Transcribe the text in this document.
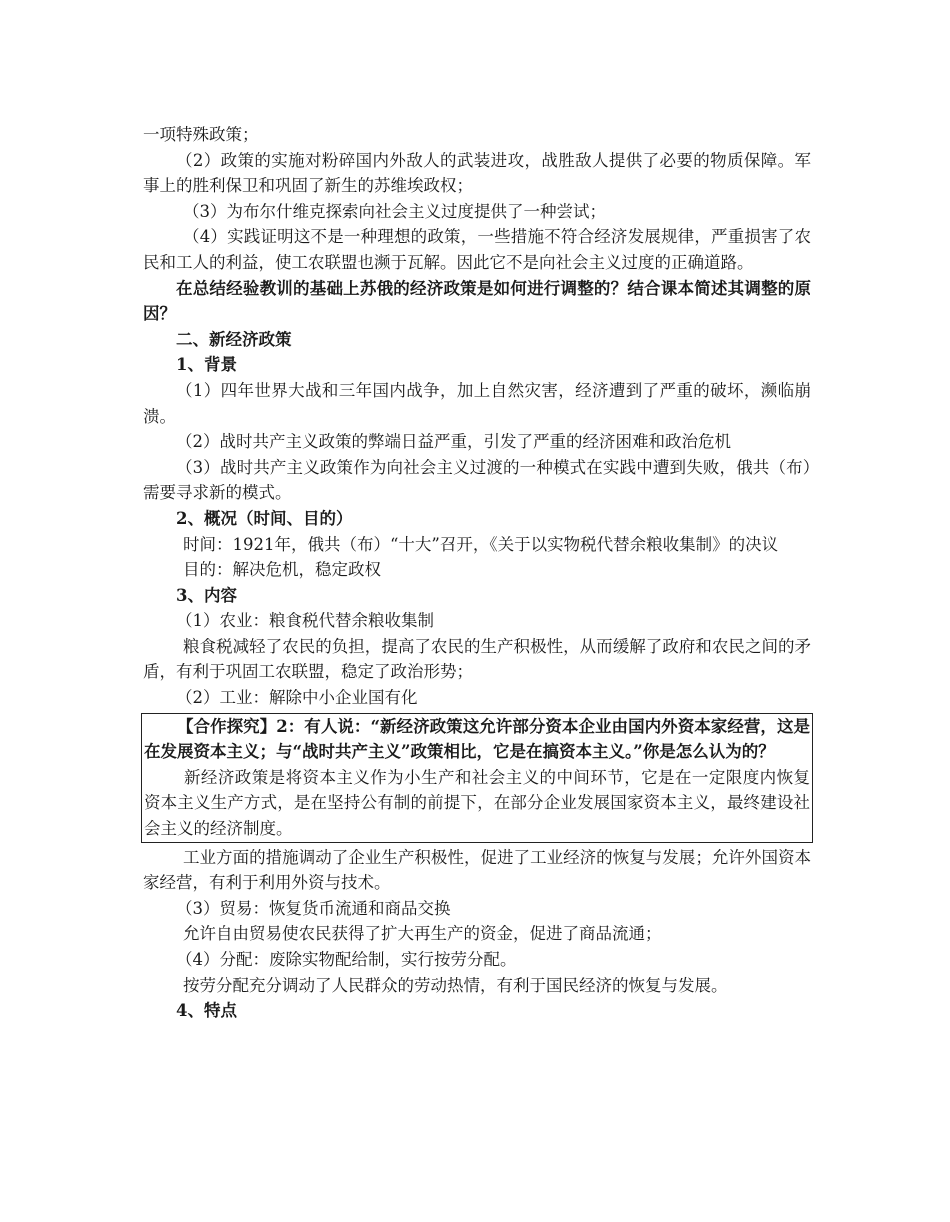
一项特殊政策；

（2）政策的实施对粉碎国内外敌人的武装进攻，战胜敌人提供了必要的物质保障。军事上的胜利保卫和巩固了新生的苏维埃政权；

（3）为布尔什维克探索向社会主义过度提供了一种尝试；

（4）实践证明这不是一种理想的政策，一些措施不符合经济发展规律，严重损害了农民和工人的利益，使工农联盟也濒于瓦解。因此它不是向社会主义过度的正确道路。

在总结经验教训的基础上苏俄的经济政策是如何进行调整的？结合课本简述其调整的原因？

二、新经济政策

1、背景

（1）四年世界大战和三年国内战争，加上自然灾害，经济遭到了严重的破坏，濒临崩溃。

（2）战时共产主义政策的弊端日益严重，引发了严重的经济困难和政治危机

（3）战时共产主义政策作为向社会主义过渡的一种模式在实践中遭到失败，俄共（布）需要寻求新的模式。

2、概况（时间、目的）

时间：1921年，俄共（布）“十大”召开，《关于以实物税代替余粮收集制》的决议

目的：解决危机，稳定政权

3、内容

（1）农业：粮食税代替余粮收集制

粮食税减轻了农民的负担，提高了农民的生产积极性，从而缓解了政府和农民之间的矛盾，有利于巩固工农联盟，稳定了政治形势；

（2）工业：解除中小企业国有化

【合作探究】2：有人说：“新经济政策这允许部分资本企业由国内外资本家经营，这是在发展资本主义；与“战时共产主义”政策相比，它是在搞资本主义。”你是怎么认为的？

新经济政策是将资本主义作为小生产和社会主义的中间环节，它是在一定限度内恢复资本主义生产方式，是在坚持公有制的前提下，在部分企业发展国家资本主义，最终建设社会主义的经济制度。

工业方面的措施调动了企业生产积极性，促进了工业经济的恢复与发展；允许外国资本家经营，有利于利用外资与技术。

（3）贸易：恢复货币流通和商品交换

允许自由贸易使农民获得了扩大再生产的资金，促进了商品流通；

（4）分配：废除实物配给制，实行按劳分配。

按劳分配充分调动了人民群众的劳动热情，有利于国民经济的恢复与发展。

4、特点
